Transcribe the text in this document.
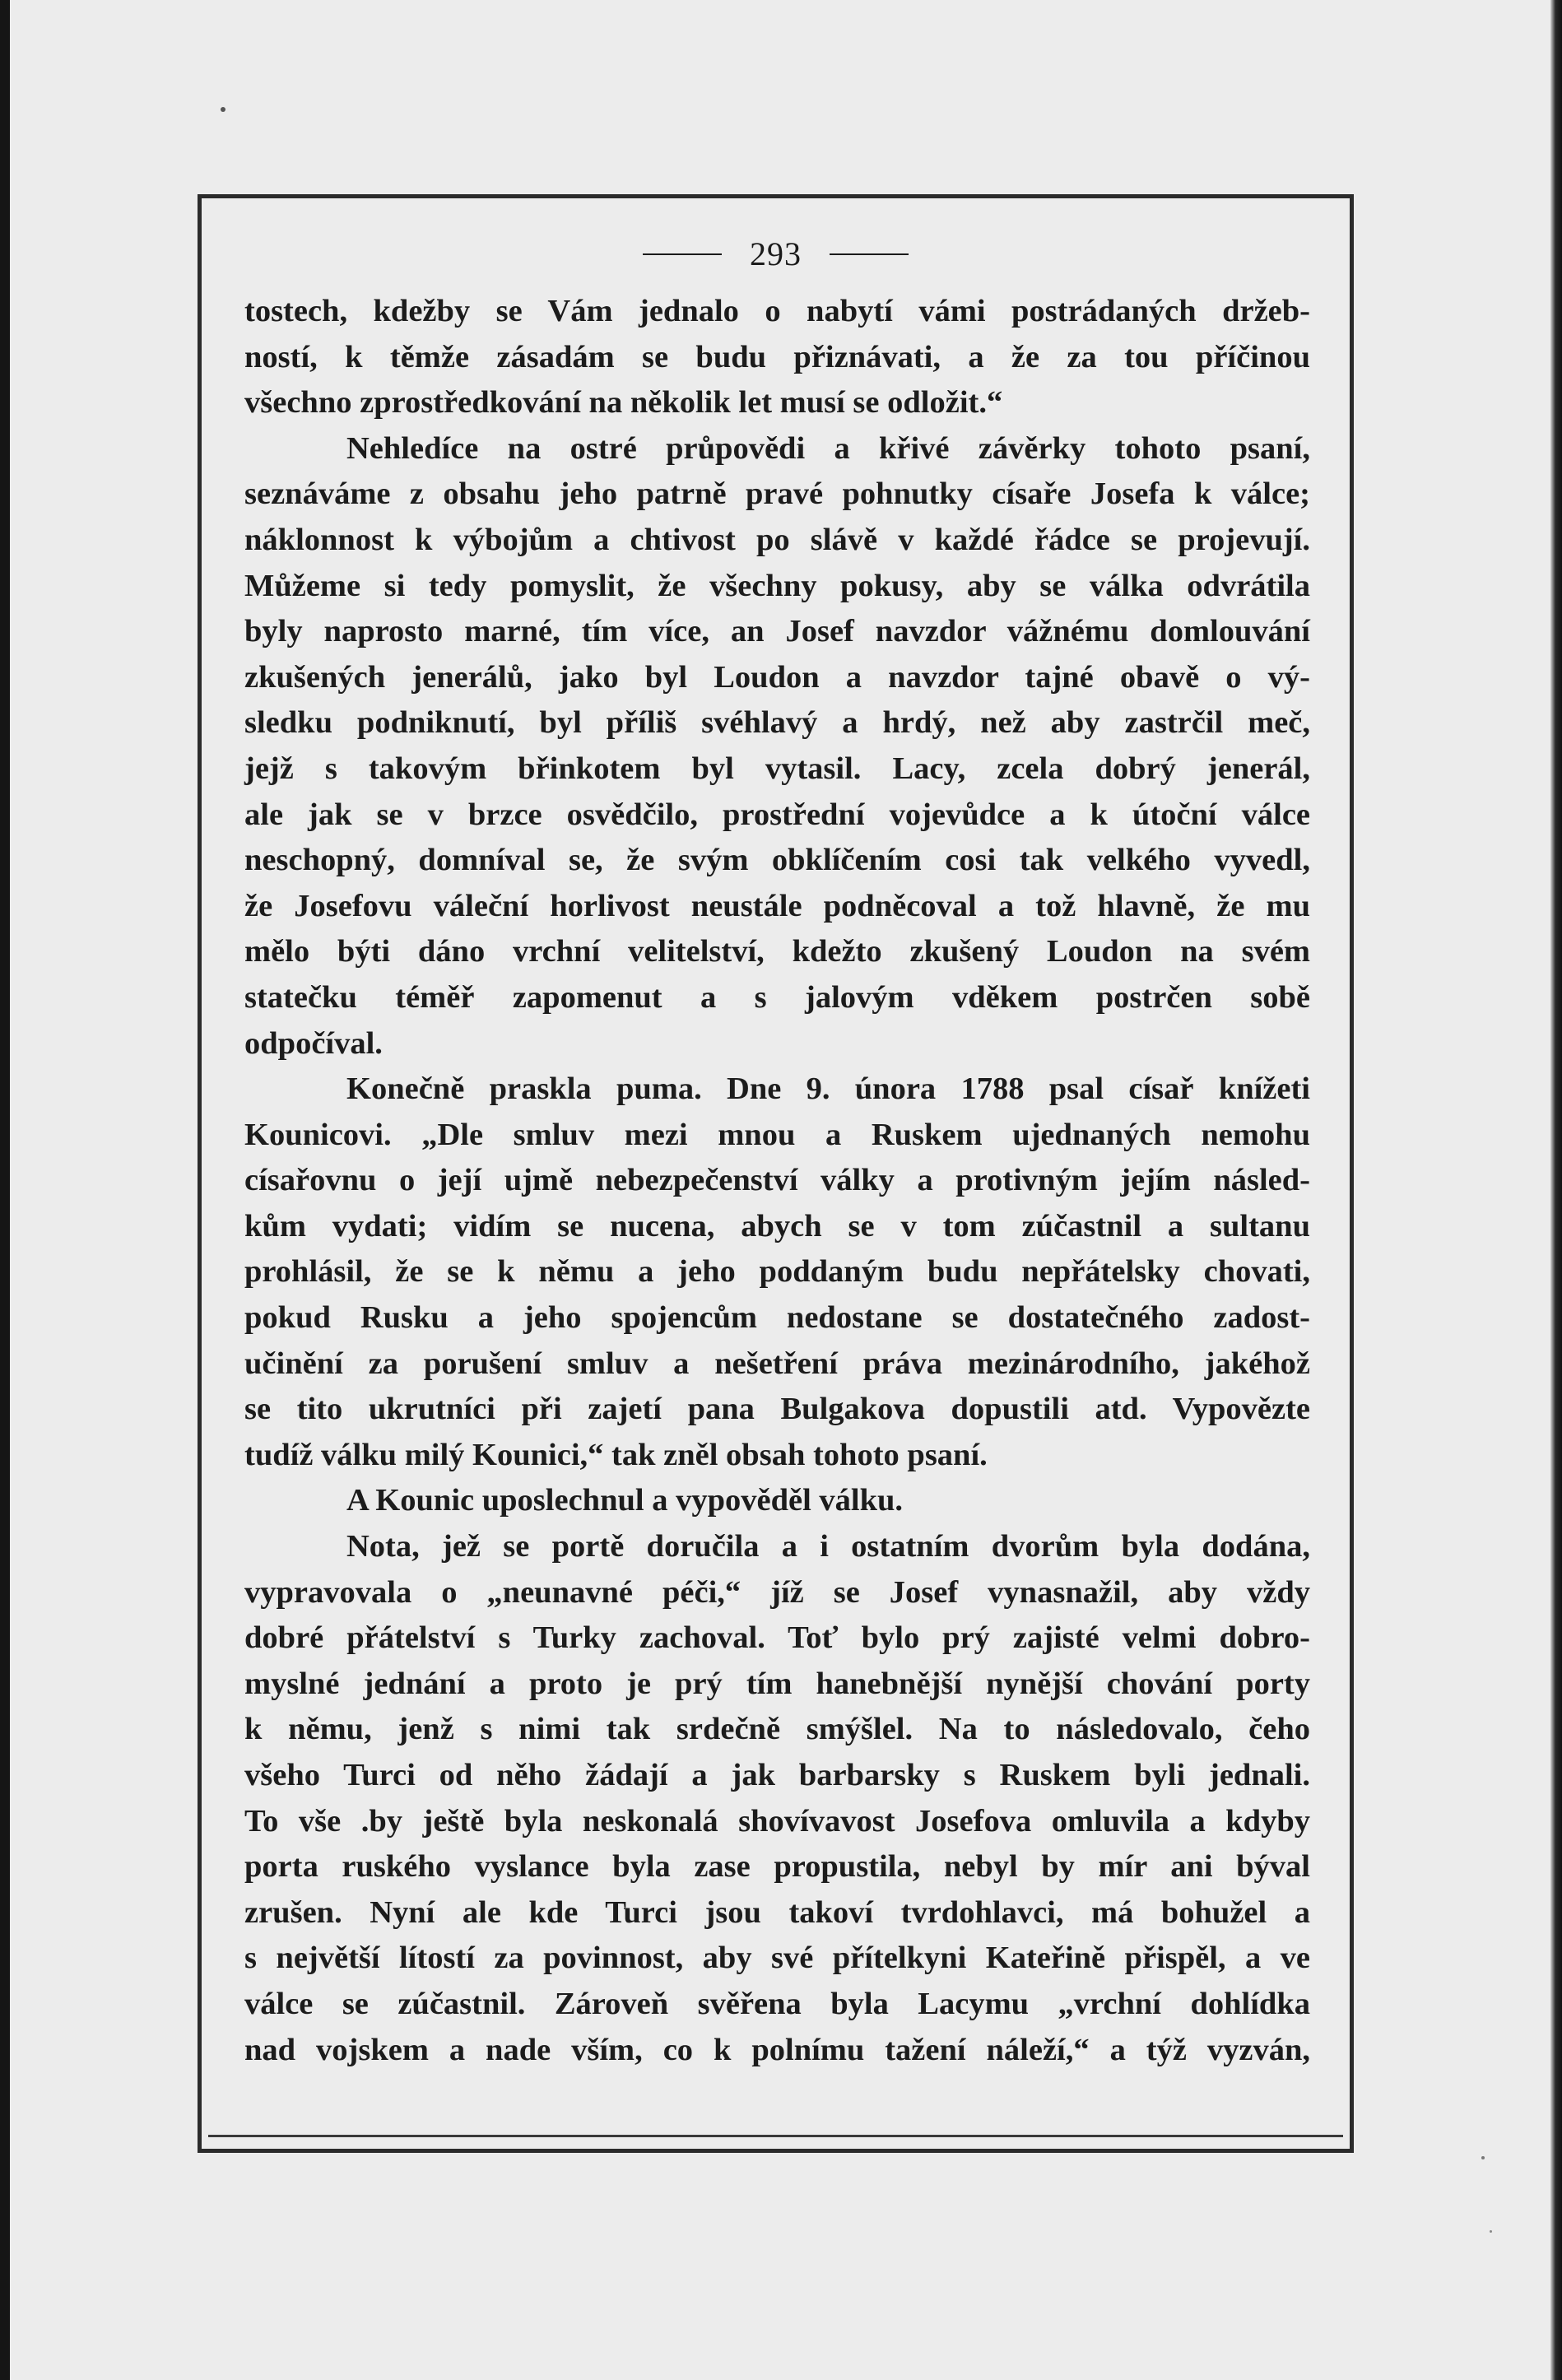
293
tostech, kdežby se Vám jednalo o nabytí vámi postrádaných držeb-
ností, k těmže zásadám se budu přiznávati, a že za tou příčinou
všechno zprostředkování na několik let musí se odložit.“
Nehledíce na ostré průpovědi a křivé závěrky tohoto psaní,
seznáváme z obsahu jeho patrně pravé pohnutky císaře Josefa k válce;
náklonnost k výbojům a chtivost po slávě v každé řádce se projevují.
Můžeme si tedy pomyslit, že všechny pokusy, aby se válka odvrátila
byly naprosto marné, tím více, an Josef navzdor vážnému domlouvání
zkušených jenerálů, jako byl Loudon a navzdor tajné obavě o vý-
sledku podniknutí, byl příliš svéhlavý a hrdý, než aby zastrčil meč,
jejž s takovým břinkotem byl vytasil. Lacy, zcela dobrý jenerál,
ale jak se v brzce osvědčilo, prostřední vojevůdce a k útoční válce
neschopný, domníval se, že svým obklíčením cosi tak velkého vyvedl,
že Josefovu váleční horlivost neustále podněcoval a tož hlavně, že mu
mělo býti dáno vrchní velitelství, kdežto zkušený Loudon na svém
statečku téměř zapomenut a s jalovým vděkem postrčen sobě
odpočíval.
Konečně praskla puma. Dne 9. února 1788 psal císař knížeti
Kounicovi. „Dle smluv mezi mnou a Ruskem ujednaných nemohu
císařovnu o její ujmě nebezpečenství války a protivným jejím násled-
kům vydati; vidím se nucena, abych se v tom zúčastnil a sultanu
prohlásil, že se k němu a jeho poddaným budu nepřátelsky chovati,
pokud Rusku a jeho spojencům nedostane se dostatečného zadost-
učinění za porušení smluv a nešetření práva mezinárodního, jakéhož
se tito ukrutníci při zajetí pana Bulgakova dopustili atd. Vypovězte
tudíž válku milý Kounici,“ tak zněl obsah tohoto psaní.
A Kounic uposlechnul a vypověděl válku.
Nota, jež se portě doručila a i ostatním dvorům byla dodána,
vypravovala o „neunavné péči,“ jíž se Josef vynasnažil, aby vždy
dobré přátelství s Turky zachoval. Toť bylo prý zajisté velmi dobro-
myslné jednání a proto je prý tím hanebnější nynější chování porty
k němu, jenž s nimi tak srdečně smýšlel. Na to následovalo, čeho
všeho Turci od něho žádají a jak barbarsky s Ruskem byli jednali.
To vše .by ještě byla neskonalá shovívavost Josefova omluvila a kdyby
porta ruského vyslance byla zase propustila, nebyl by mír ani býval
zrušen. Nyní ale kde Turci jsou takoví tvrdohlavci, má bohužel a
s největší lítostí za povinnost, aby své přítelkyni Kateřině přispěl, a ve
válce se zúčastnil. Zároveň svěřena byla Lacymu „vrchní dohlídka
nad vojskem a nade vším, co k polnímu tažení náleží,“ a týž vyzván,
